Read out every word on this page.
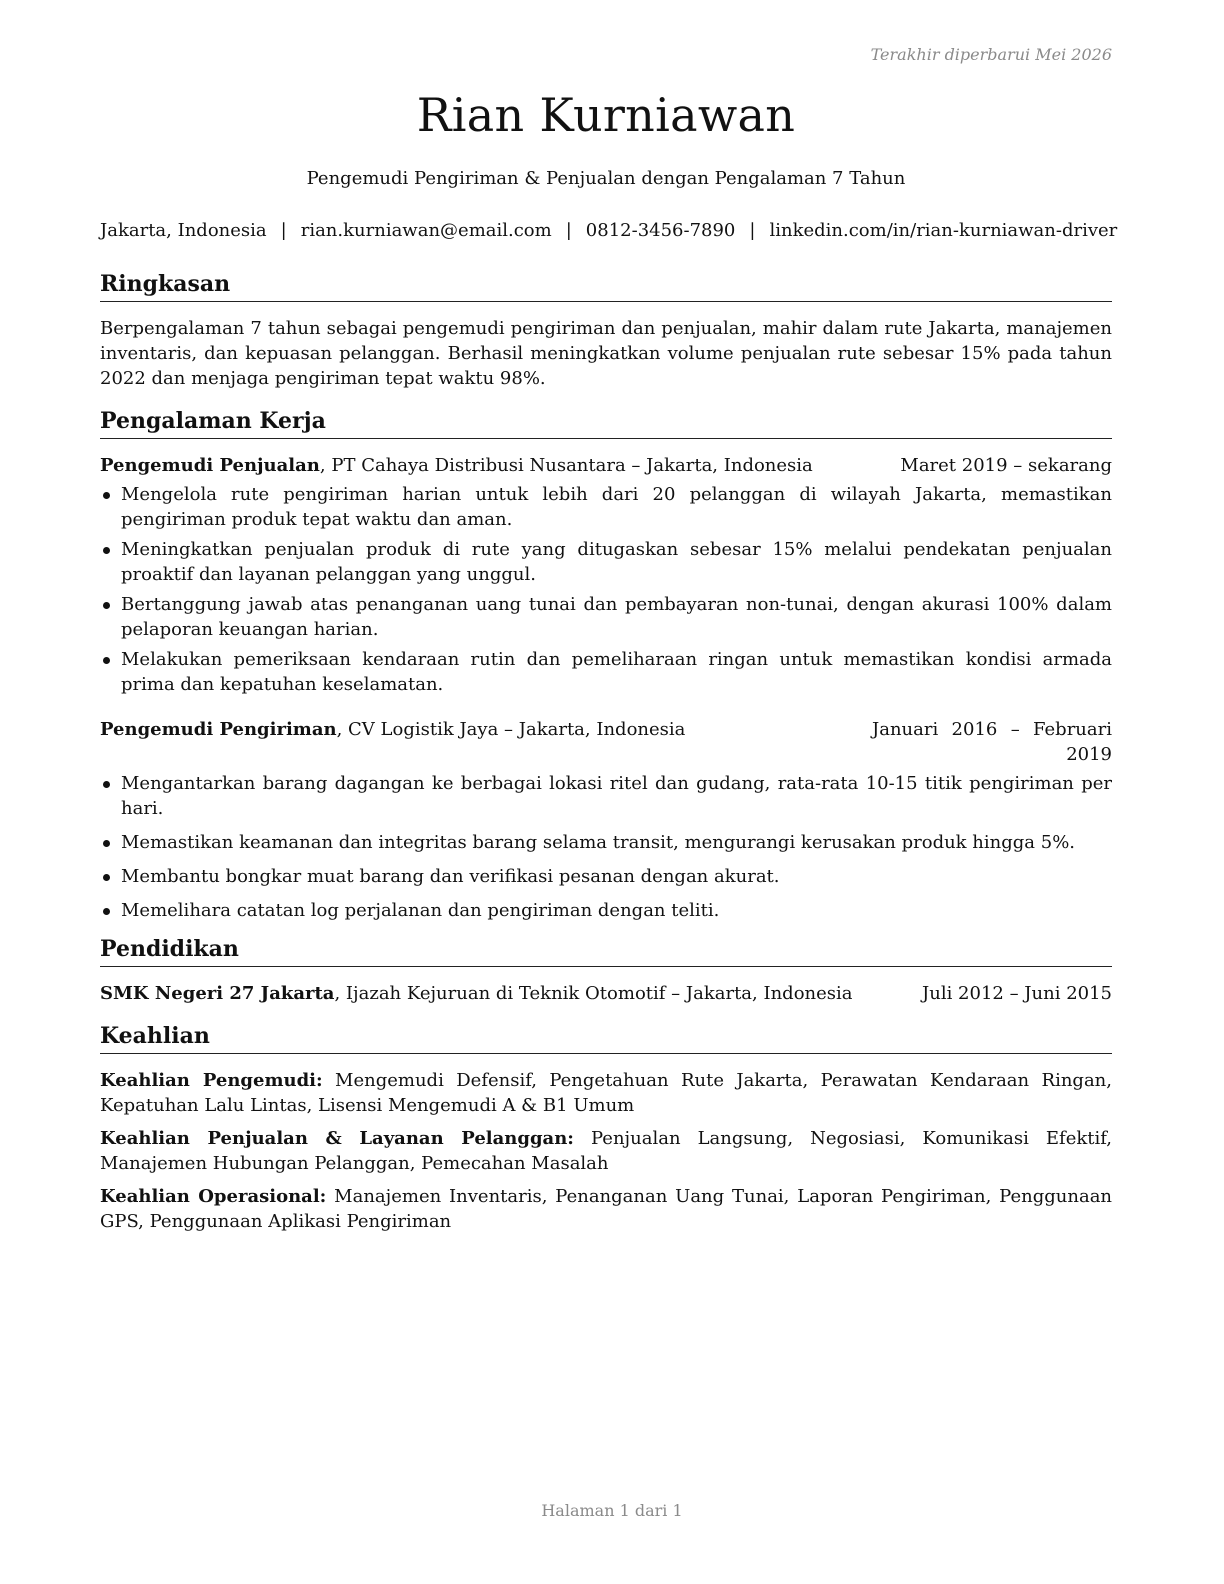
Terakhir diperbarui Mei 2026
Rian Kurniawan
Pengemudi Pengiriman & Penjualan dengan Pengalaman 7 Tahun
Jakarta, Indonesia | rian.kurniawan@email.com | 0812-3456-7890 | linkedin.com/in/rian-kurniawan-driver
Ringkasan

Berpengalaman 7 tahun sebagai pengemudi pengiriman dan penjualan, mahir dalam rute Jakarta, manajemen inventaris, dan kepuasan pelanggan. Berhasil meningkatkan volume penjualan rute sebesar 15% pada tahun 2022 dan menjaga pengiriman tepat waktu 98%.

Pengalaman Kerja
Pengemudi Penjualan, PT Cahaya Distribusi Nusantara – Jakarta, Indonesia	Maret 2019 – sekarang
Mengelola rute pengiriman harian untuk lebih dari 20 pelanggan di wilayah Jakarta, memastikan pengiriman produk tepat waktu dan aman.
Meningkatkan penjualan produk di rute yang ditugaskan sebesar 15% melalui pendekatan penjualan proaktif dan layanan pelanggan yang unggul.
Bertanggung jawab atas penanganan uang tunai dan pembayaran non-tunai, dengan akurasi 100% dalam pelaporan keuangan harian.
Melakukan pemeriksaan kendaraan rutin dan pemeliharaan ringan untuk memastikan kondisi armada prima dan kepatuhan keselamatan.
Pengemudi Pengiriman, CV Logistik Jaya – Jakarta, Indonesia	Januari 2016 – Februari 2019
Mengantarkan barang dagangan ke berbagai lokasi ritel dan gudang, rata-rata 10-15 titik pengiriman per hari.
Memastikan keamanan dan integritas barang selama transit, mengurangi kerusakan produk hingga 5%.
Membantu bongkar muat barang dan verifikasi pesanan dengan akurat.
Memelihara catatan log perjalanan dan pengiriman dengan teliti.
Pendidikan
SMK Negeri 27 Jakarta, Ijazah Kejuruan di Teknik Otomotif – Jakarta, Indonesia	Juli 2012 – Juni 2015
Keahlian

Keahlian Pengemudi: Mengemudi Defensif, Pengetahuan Rute Jakarta, Perawatan Kendaraan Ringan, Kepatuhan Lalu Lintas, Lisensi Mengemudi A & B1 Umum

Keahlian Penjualan & Layanan Pelanggan: Penjualan Langsung, Negosiasi, Komunikasi Efektif, Manajemen Hubungan Pelanggan, Pemecahan Masalah

Keahlian Operasional: Manajemen Inventaris, Penanganan Uang Tunai, Laporan Pengiriman, Penggunaan GPS, Penggunaan Aplikasi Pengiriman

Halaman 1 dari 1
